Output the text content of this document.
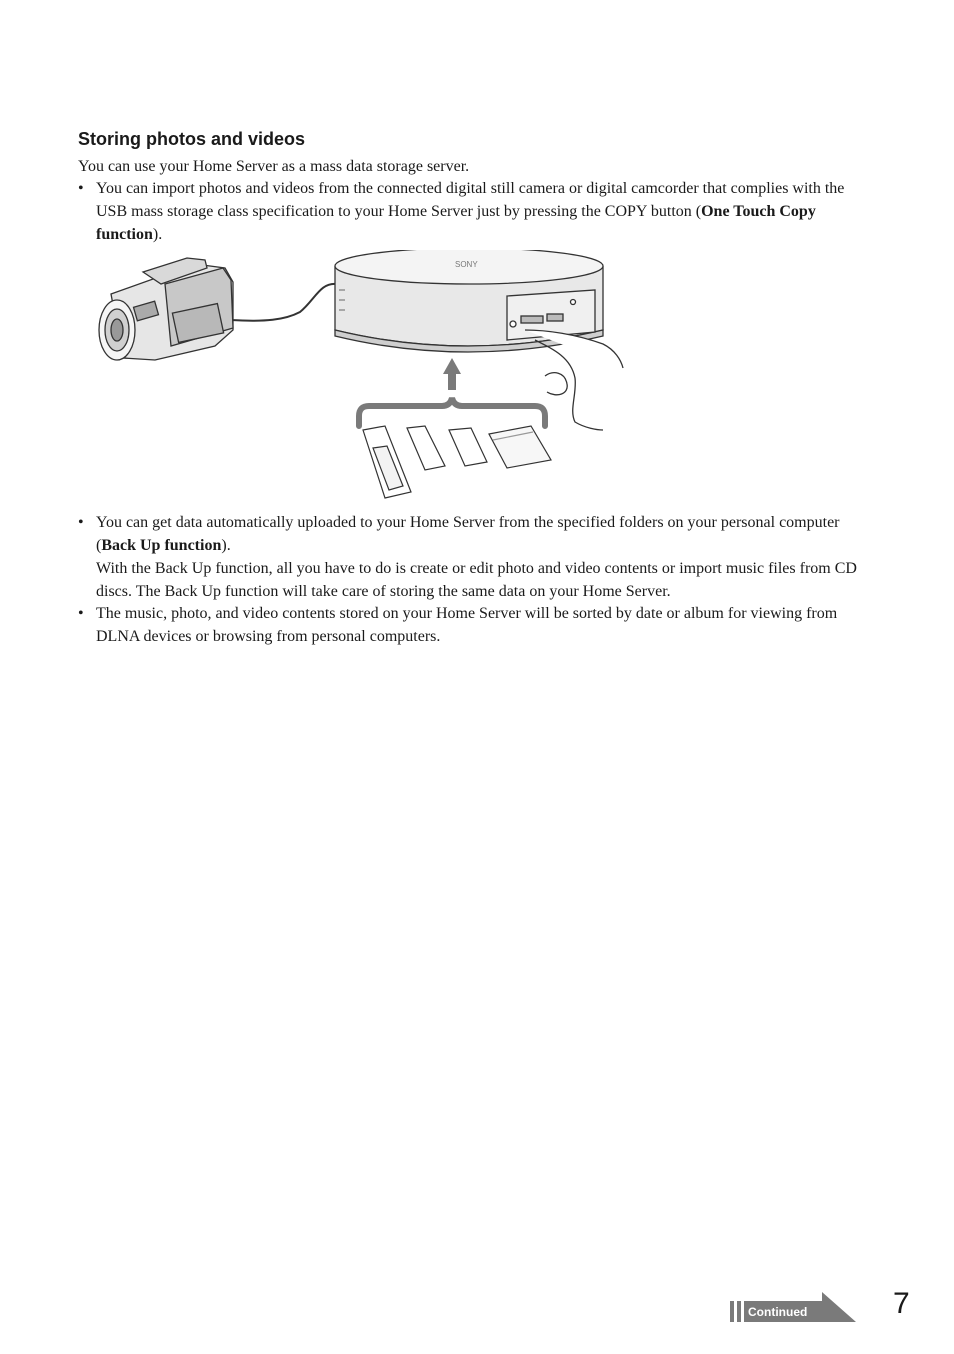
Storing photos and videos

You can use your Home Server as a mass data storage server.

• You can import photos and videos from the connected digital still camera or digital camcorder that complies with the USB mass storage class specification to your Home Server just by pressing the COPY button (One Touch Copy function).

SONY
• You can get data automatically uploaded to your Home Server from the specified folders on your personal computer (Back Up function).

With the Back Up function, all you have to do is create or edit photo and video contents or import music files from CD discs. The Back Up function will take care of storing the same data on your Home Server.

• The music, photo, and video contents stored on your Home Server will be sorted by date or album for viewing from DLNA devices or browsing from personal computers.

Continued	7
